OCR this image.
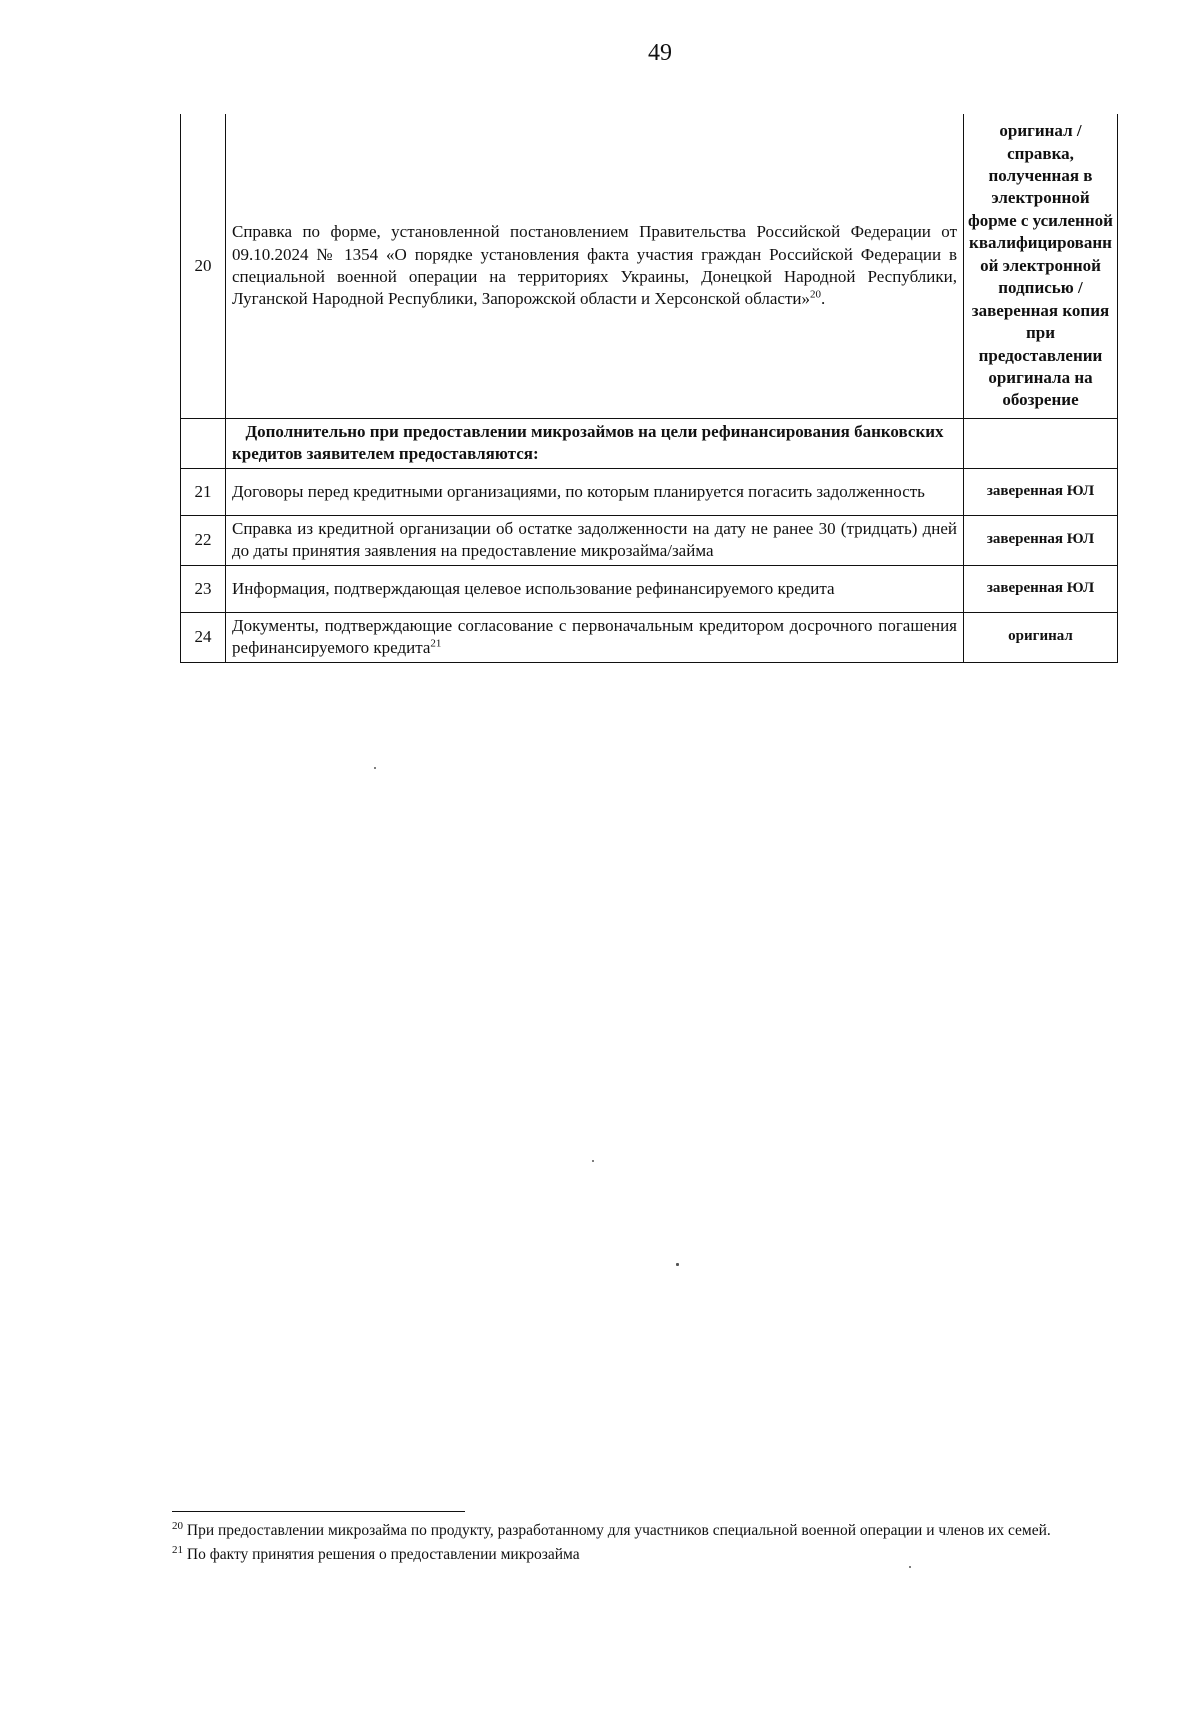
49
20	Справка по форме, установленной постановлением Правительства Российской Федерации от 09.10.2024 № 1354 «О порядке установления факта участия граждан Российской Федерации в специальной военной операции на территориях Украины, Донецкой Народной Республики, Луганской Народной Республики, Запорожской области и Херсонской области»$^{20}$.	оригинал /справка, полученная в электронной форме с усиленной квалифицированн ой электронной подписью / заверенная копия при предоставлении оригинала на обозрение
	Дополнительно при предоставлении микрозаймов на цели рефинансирования банковских кредитов заявителем предоставляются:	
21	Договоры перед кредитными организациями, по которым планируется погасить задолженность	заверенная ЮЛ
22	Справка из кредитной организации об остатке задолженности на дату не ранее 30 (тридцать) дней до даты принятия заявления на предоставление микрозайма/займа	заверенная ЮЛ
23	Информация, подтверждающая целевое использование рефинансируемого кредита	заверенная ЮЛ
24	Документы, подтверждающие согласование с первоначальным кредитором досрочного погашения рефинансируемого кредита$^{21}$	оригинал
$^{20}$ При предоставлении микрозайма по продукту, разработанному для участников специальной военной операции и членов их семей.
$^{21}$ По факту принятия решения о предоставлении микрозайма
